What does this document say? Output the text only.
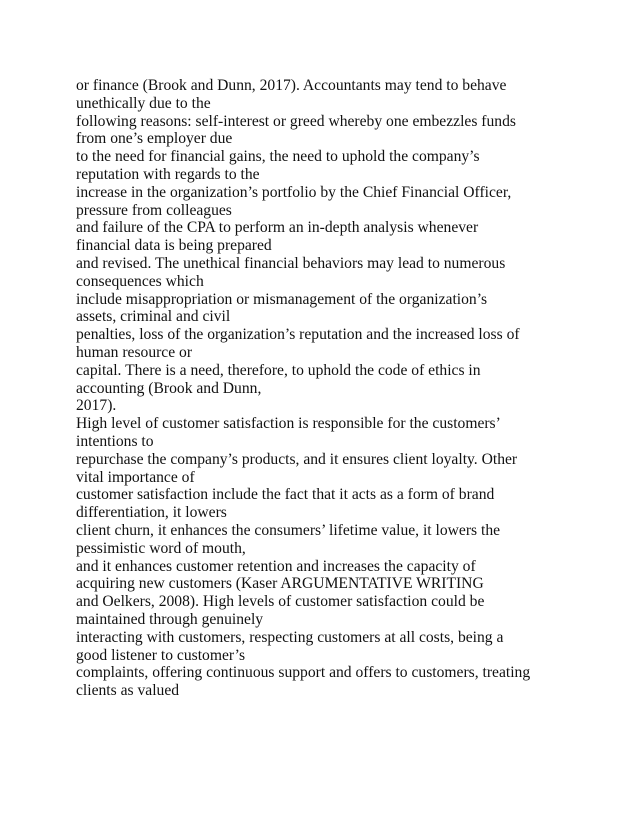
or finance (Brook and Dunn, 2017). Accountants may tend to behave
unethically due to the
following reasons: self-interest or greed whereby one embezzles funds
from one’s employer due
to the need for financial gains, the need to uphold the company’s
reputation with regards to the
increase in the organization’s portfolio by the Chief Financial Officer,
pressure from colleagues
and failure of the CPA to perform an in-depth analysis whenever
financial data is being prepared
and revised. The unethical financial behaviors may lead to numerous
consequences which
include misappropriation or mismanagement of the organization’s
assets, criminal and civil
penalties, loss of the organization’s reputation and the increased loss of
human resource or
capital. There is a need, therefore, to uphold the code of ethics in
accounting (Brook and Dunn,
2017).
High level of customer satisfaction is responsible for the customers’
intentions to
repurchase the company’s products, and it ensures client loyalty. Other
vital importance of
customer satisfaction include the fact that it acts as a form of brand
differentiation, it lowers
client churn, it enhances the consumers’ lifetime value, it lowers the
pessimistic word of mouth,
and it enhances customer retention and increases the capacity of
acquiring new customers (Kaser ARGUMENTATIVE WRITING
and Oelkers, 2008). High levels of customer satisfaction could be
maintained through genuinely
interacting with customers, respecting customers at all costs, being a
good listener to customer’s
complaints, offering continuous support and offers to customers, treating
clients as valued
